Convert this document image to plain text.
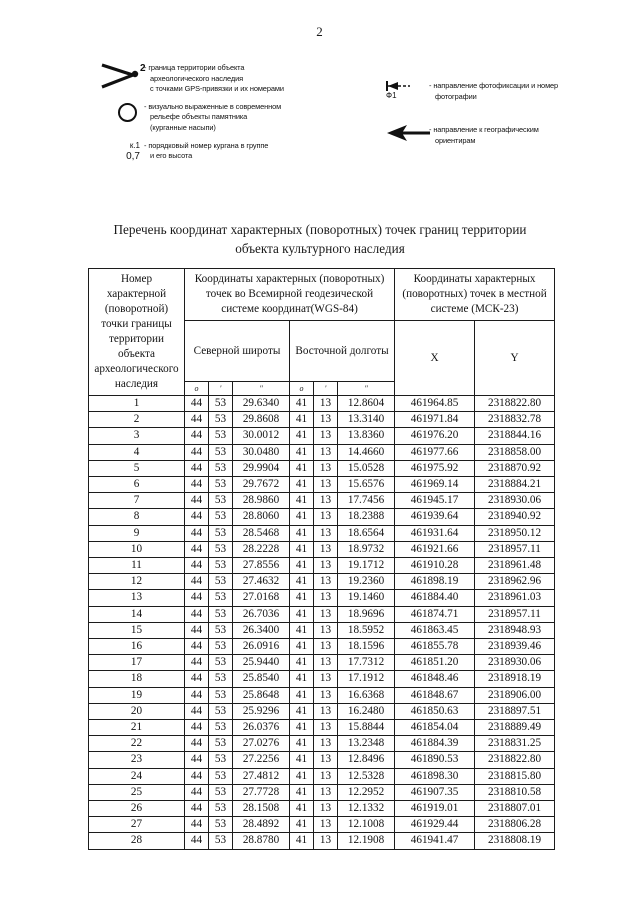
2
2
- граница территории объекта
археологического наследия
с точками GPS-привязки и их номерами
- визуально выраженные в современном
рельефе объекты памятника
(курганные насыпи)
к.1
0,7
- порядковый номер кургана в группе
и его высота
Ф1
- направление фотофиксации и номер
фотографии
- направление к географическим
ориентирам
Перечень координат характерных (поворотных) точек границ территории
объекта культурного наследия
Номер характерной (поворотной) точки границы территории объекта археологического наследия	Координаты характерных (поворотных) точек во Всемирной геодезической системе координат(WGS-84)						Координаты характерных (поворотных) точек в местной системе (МСК-23)	
	Северной широты			Восточной долготы			X	Y
	о	'	"	о	'	"		
1	44	53	29.6340	41	13	12.8604	461964.85	2318822.80
2	44	53	29.8608	41	13	13.3140	461971.84	2318832.78
3	44	53	30.0012	41	13	13.8360	461976.20	2318844.16
4	44	53	30.0480	41	13	14.4660	461977.66	2318858.00
5	44	53	29.9904	41	13	15.0528	461975.92	2318870.92
6	44	53	29.7672	41	13	15.6576	461969.14	2318884.21
7	44	53	28.9860	41	13	17.7456	461945.17	2318930.06
8	44	53	28.8060	41	13	18.2388	461939.64	2318940.92
9	44	53	28.5468	41	13	18.6564	461931.64	2318950.12
10	44	53	28.2228	41	13	18.9732	461921.66	2318957.11
11	44	53	27.8556	41	13	19.1712	461910.28	2318961.48
12	44	53	27.4632	41	13	19.2360	461898.19	2318962.96
13	44	53	27.0168	41	13	19.1460	461884.40	2318961.03
14	44	53	26.7036	41	13	18.9696	461874.71	2318957.11
15	44	53	26.3400	41	13	18.5952	461863.45	2318948.93
16	44	53	26.0916	41	13	18.1596	461855.78	2318939.46
17	44	53	25.9440	41	13	17.7312	461851.20	2318930.06
18	44	53	25.8540	41	13	17.1912	461848.46	2318918.19
19	44	53	25.8648	41	13	16.6368	461848.67	2318906.00
20	44	53	25.9296	41	13	16.2480	461850.63	2318897.51
21	44	53	26.0376	41	13	15.8844	461854.04	2318889.49
22	44	53	27.0276	41	13	13.2348	461884.39	2318831.25
23	44	53	27.2256	41	13	12.8496	461890.53	2318822.80
24	44	53	27.4812	41	13	12.5328	461898.30	2318815.80
25	44	53	27.7728	41	13	12.2952	461907.35	2318810.58
26	44	53	28.1508	41	13	12.1332	461919.01	2318807.01
27	44	53	28.4892	41	13	12.1008	461929.44	2318806.28
28	44	53	28.8780	41	13	12.1908	461941.47	2318808.19
